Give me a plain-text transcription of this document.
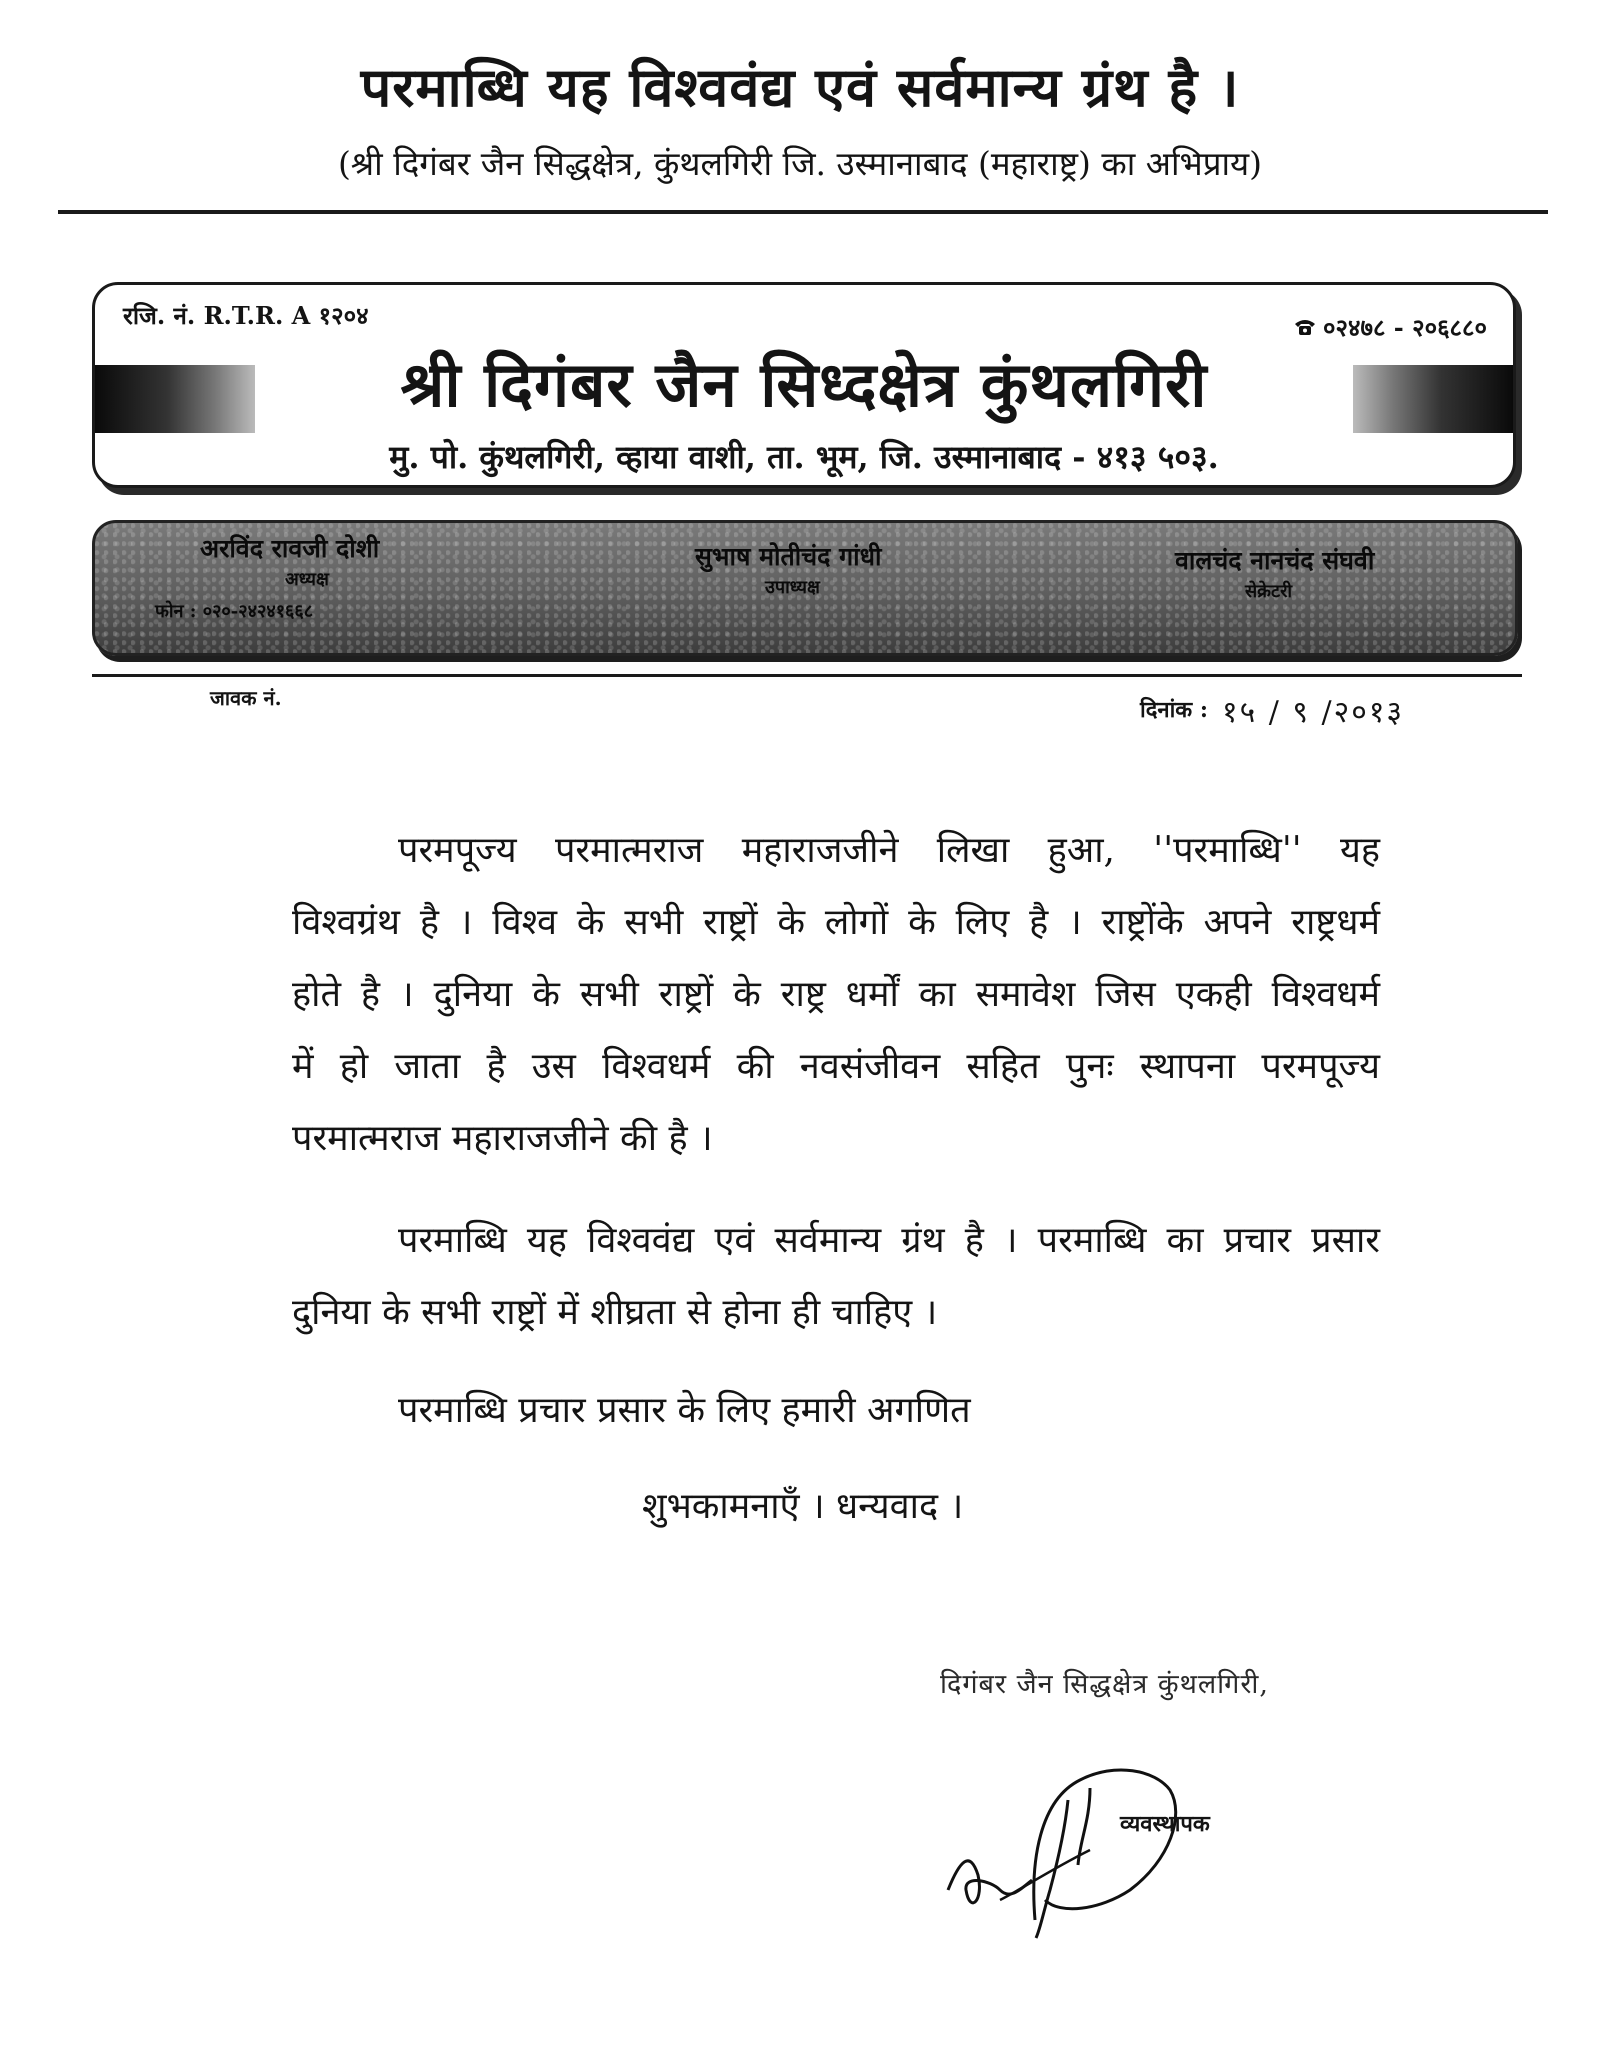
परमाब्धि यह विश्ववंद्य एवं सर्वमान्य ग्रंथ है ।
(श्री दिगंबर जैन सिद्धक्षेत्र, कुंथलगिरी जि. उस्मानाबाद (महाराष्ट्र) का अभिप्राय)
रजि. नं. R.T.R. A १२०४	०२४७८ - २०६८८०
श्री दिगंबर जैन सिध्दक्षेत्र कुंथलगिरी
मु. पो. कुंथलगिरी, व्हाया वाशी, ता. भूम, जि. उस्मानाबाद - ४१३ ५०३.
अरविंद रावजी दोशी
अध्यक्ष
फोन : ०२०-२४२४१६६८
सुभाष मोतीचंद गांधी
उपाध्यक्ष
वालचंद नानचंद संघवी
सेक्रेटरी
जावक नं.	दिनांक : १५ / ९ /२०१३
परमपूज्य परमात्मराज महाराजजीने लिखा हुआ, ''परमाब्धि'' यह
विश्वग्रंथ है । विश्व के सभी राष्ट्रों के लोगों के लिए है । राष्ट्रोंके अपने राष्ट्रधर्म
होते है । दुनिया के सभी राष्ट्रों के राष्ट्र धर्मों का समावेश जिस एकही विश्वधर्म
में हो जाता है उस विश्वधर्म की नवसंजीवन सहित पुनः स्थापना परमपूज्य
परमात्मराज महाराजजीने की है ।
परमाब्धि यह विश्ववंद्य एवं सर्वमान्य ग्रंथ है । परमाब्धि का प्रचार प्रसार
दुनिया के सभी राष्ट्रों में शीघ्रता से होना ही चाहिए ।
परमाब्धि प्रचार प्रसार के लिए हमारी अगणित
शुभकामनाएँ । धन्यवाद ।
दिगंबर जैन सिद्धक्षेत्र कुंथलगिरी,
व्यवस्थापक
